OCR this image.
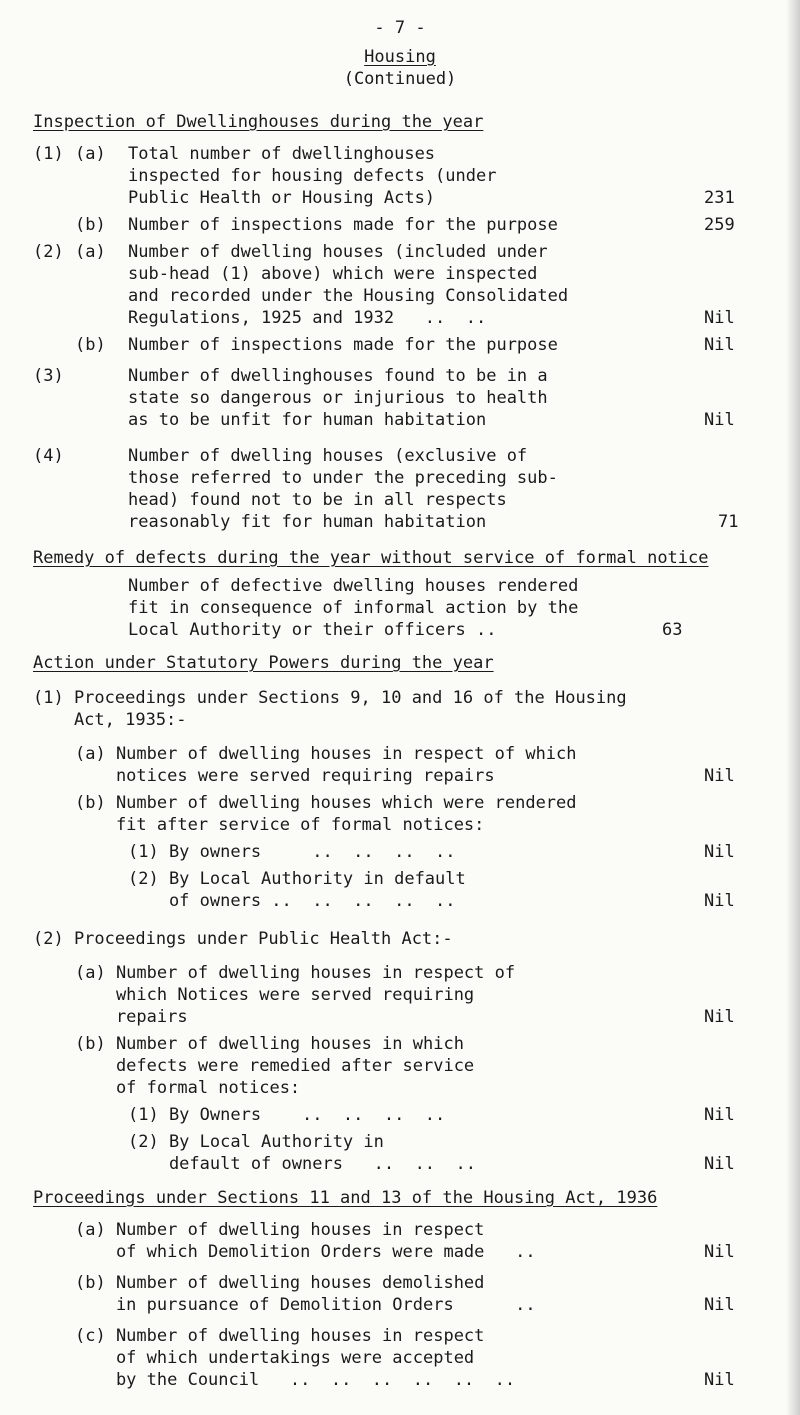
- 7 -
Housing
(Continued)
Inspection of Dwellinghouses during the year
(1) (a) Total number of dwellinghouses
inspected for housing defects (under
Public Health or Housing Acts)	231
(b) Number of inspections made for the purpose	259
(2) (a) Number of dwelling houses (included under
sub-head (1) above) which were inspected
and recorded under the Housing Consolidated
Regulations, 1925 and 1932   ..  ..	Nil
(b) Number of inspections made for the purpose	Nil
(3)	Number of dwellinghouses found to be in a
state so dangerous or injurious to health
as to be unfit for human habitation	Nil
(4)	Number of dwelling houses (exclusive of
those referred to under the preceding sub-
head) found not to be in all respects
reasonably fit for human habitation	71
Remedy of defects during the year without service of formal notice
Number of defective dwelling houses rendered
fit in consequence of informal action by the
Local Authority or their officers ..	63
Action under Statutory Powers during the year
(1) Proceedings under Sections 9, 10 and 16 of the Housing
Act, 1935:-
(a) Number of dwelling houses in respect of which
notices were served requiring repairs	Nil
(b) Number of dwelling houses which were rendered
fit after service of formal notices:
(1) By owners     ..  ..  ..  ..	Nil
(2) By Local Authority in default
of owners ..  ..  ..  ..  ..	Nil
(2) Proceedings under Public Health Act:-
(a) Number of dwelling houses in respect of
which Notices were served requiring
repairs	Nil
(b) Number of dwelling houses in which
defects were remedied after service
of formal notices:
(1) By Owners    ..  ..  ..  ..	Nil
(2) By Local Authority in
default of owners   ..  ..  ..	Nil
Proceedings under Sections 11 and 13 of the Housing Act, 1936
(a) Number of dwelling houses in respect
of which Demolition Orders were made   ..	Nil
(b) Number of dwelling houses demolished
in pursuance of Demolition Orders      ..	Nil
(c) Number of dwelling houses in respect
of which undertakings were accepted
by the Council   ..  ..  ..  ..  ..  ..	Nil
